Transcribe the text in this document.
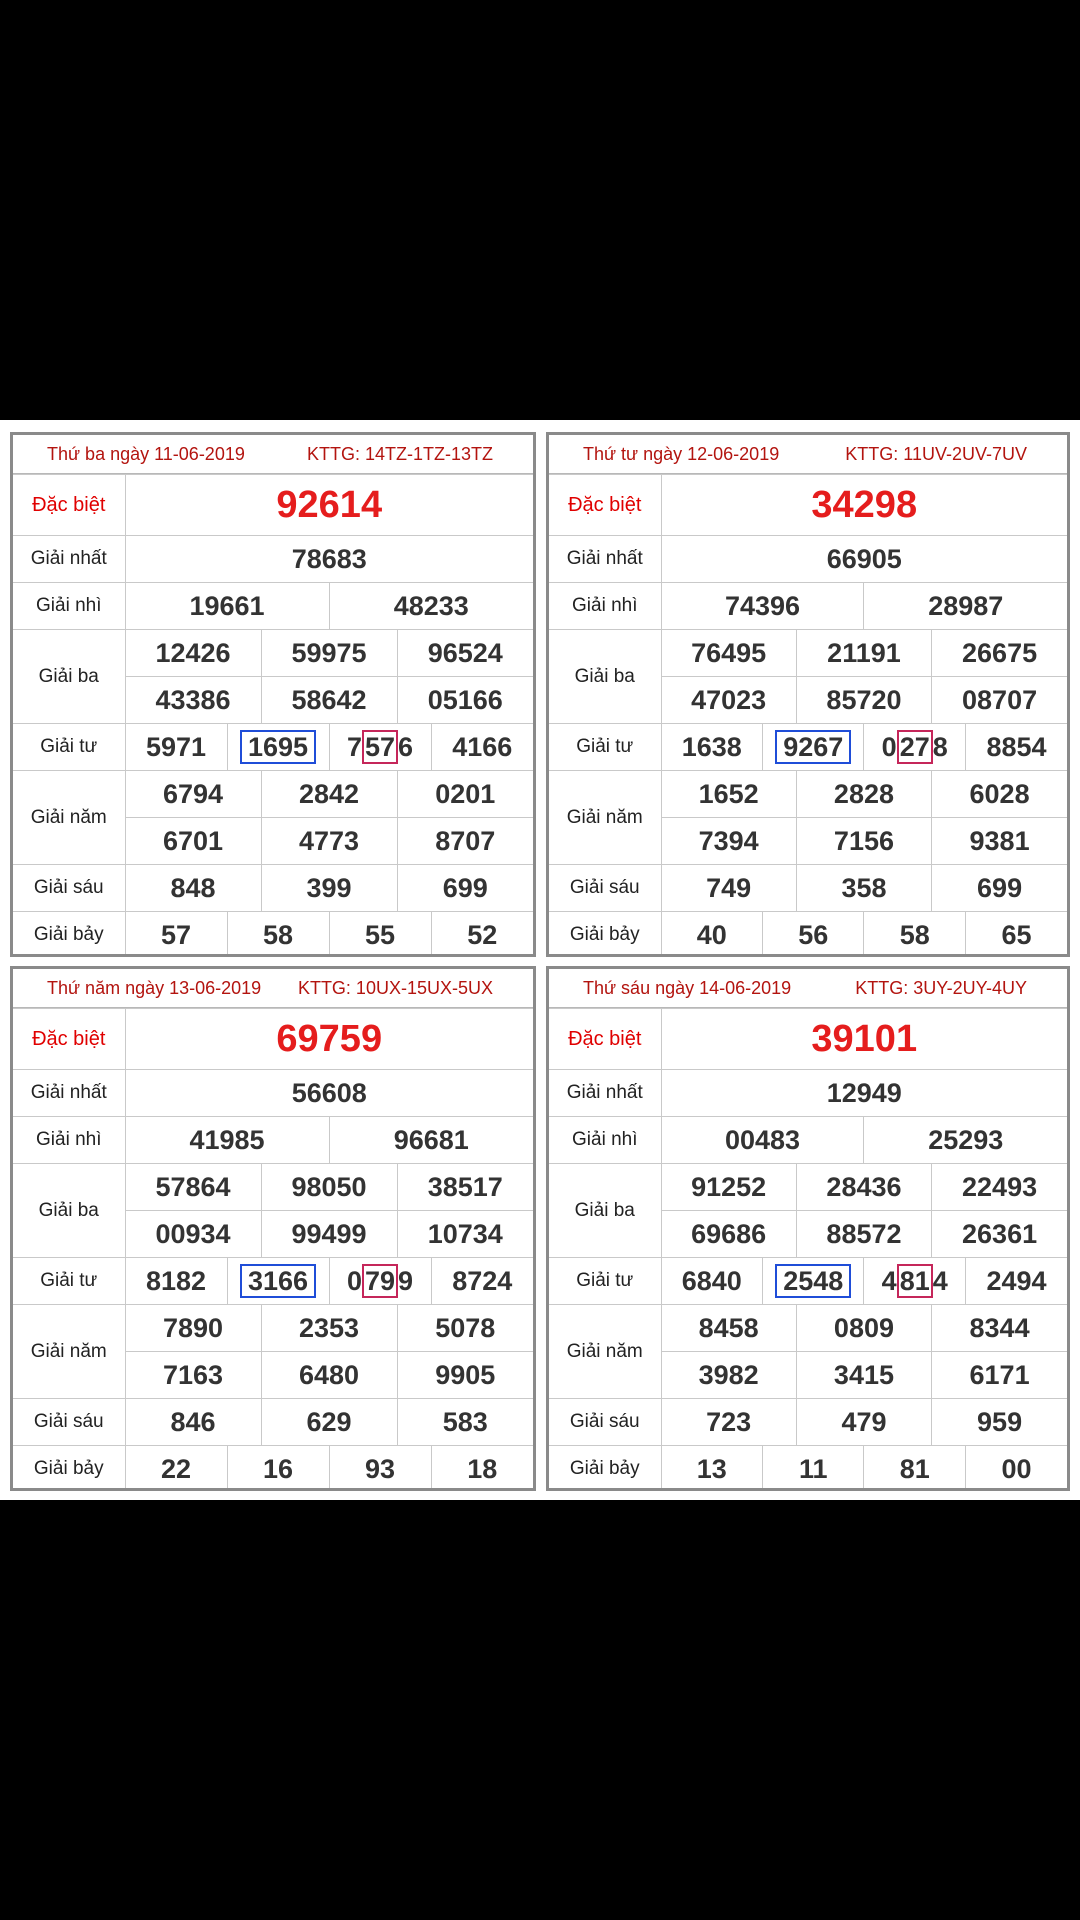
Thứ ba ngày 11-06-2019	KTTG: 14TZ-1TZ-13TZ
Đặc biệt	92614					
Giải nhất	78683					
Giải nhì	19661			48233		
Giải ba	12426		59975		96524	
	43386		58642		05166	
Giải tư	5971	1695		7 57 6		4166
Giải năm	6794		2842		0201	
	6701		4773		8707	
Giải sáu	848		399		699	
Giải bảy	57	58		55		52
Thứ tư ngày 12-06-2019	KTTG: 11UV-2UV-7UV
Đặc biệt	34298					
Giải nhất	66905					
Giải nhì	74396			28987		
Giải ba	76495		21191		26675	
	47023		85720		08707	
Giải tư	1638	9267		0 27 8		8854
Giải năm	1652		2828		6028	
	7394		7156		9381	
Giải sáu	749		358		699	
Giải bảy	40	56		58		65
Thứ năm ngày 13-06-2019 KTTG: 10UX-15UX-5UX
Đặc biệt	69759					
Giải nhất	56608					
Giải nhì	41985			96681		
Giải ba	57864		98050		38517	
	00934		99499		10734	
Giải tư	8182	3166		0 79 9		8724
Giải năm	7890		2353		5078	
	7163		6480		9905	
Giải sáu	846		629		583	
Giải bảy	22	16		93		18
Thứ sáu ngày 14-06-2019	KTTG: 3UY-2UY-4UY
Đặc biệt	39101					
Giải nhất	12949					
Giải nhì	00483			25293		
Giải ba	91252		28436		22493	
	69686		88572		26361	
Giải tư	6840	2548		4 81 4		2494
Giải năm	8458		0809		8344	
	3982		3415		6171	
Giải sáu	723		479		959	
Giải bảy	13	11		81		00
